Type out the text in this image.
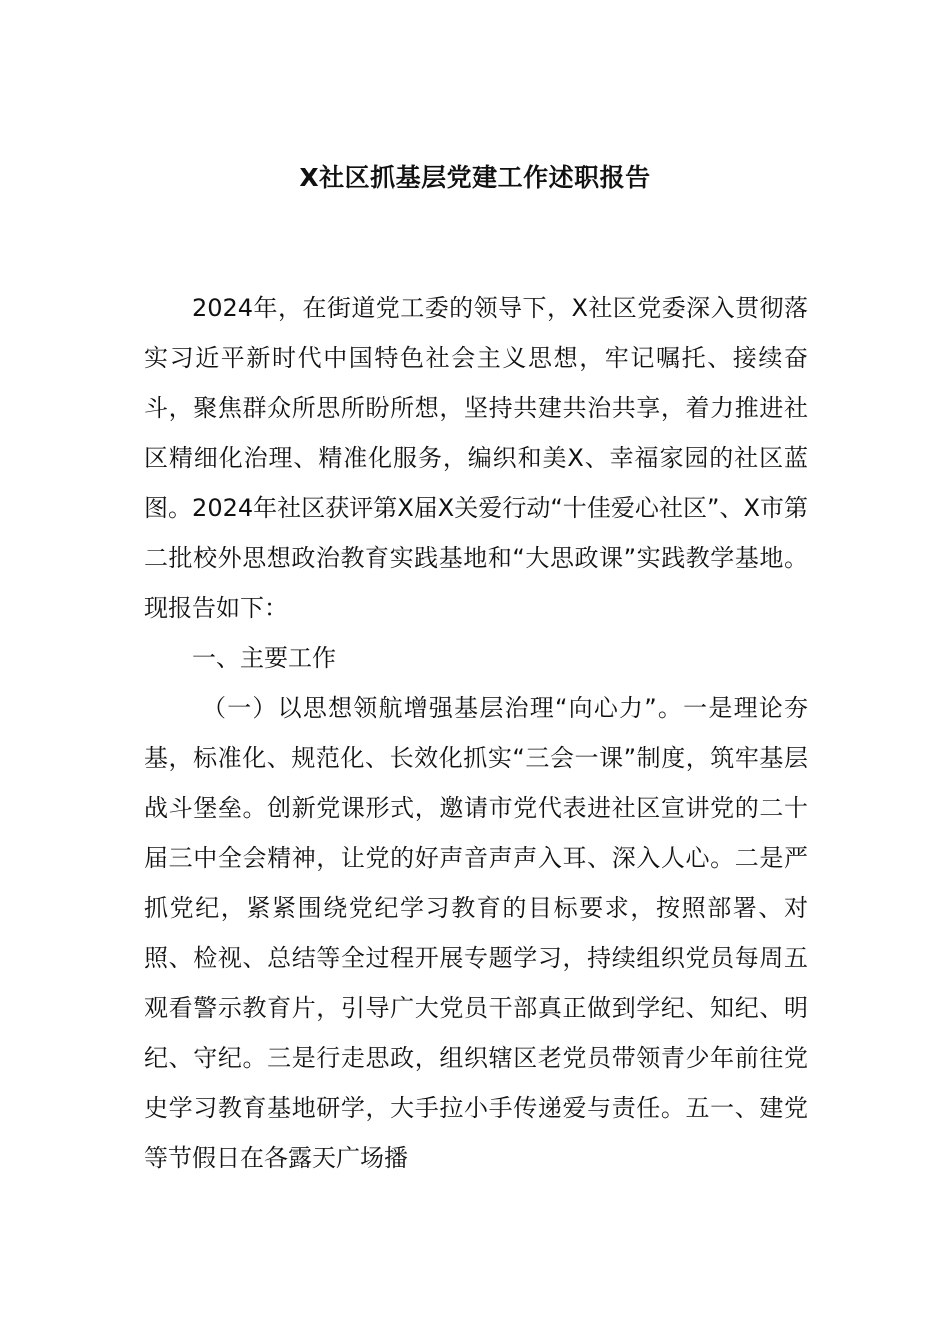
X社区抓基层党建工作述职报告

2024年，在街道党工委的领导下，X社区党委深入贯彻落实习近平新时代中国特色社会主义思想，牢记嘱托、接续奋斗，聚焦群众所思所盼所想，坚持共建共治共享，着力推进社区精细化治理、精准化服务，编织和美X、幸福家园的社区蓝图。2024年社区获评第X届X关爱行动“十佳爱心社区”、X市第二批校外思想政治教育实践基地和“大思政课”实践教学基地。现报告如下：

一、主要工作

（一）以思想领航增强基层治理“向心力”。一是理论夯基，标准化、规范化、长效化抓实“三会一课”制度，筑牢基层战斗堡垒。创新党课形式，邀请市党代表进社区宣讲党的二十届三中全会精神，让党的好声音声声入耳、深入人心。二是严抓党纪，紧紧围绕党纪学习教育的目标要求，按照部署、对照、检视、总结等全过程开展专题学习，持续组织党员每周五观看警示教育片，引导广大党员干部真正做到学纪、知纪、明纪、守纪。三是行走思政，组织辖区老党员带领青少年前往党史学习教育基地研学，大手拉小手传递爱与责任。五一、建党等节假日在各露天广场播
